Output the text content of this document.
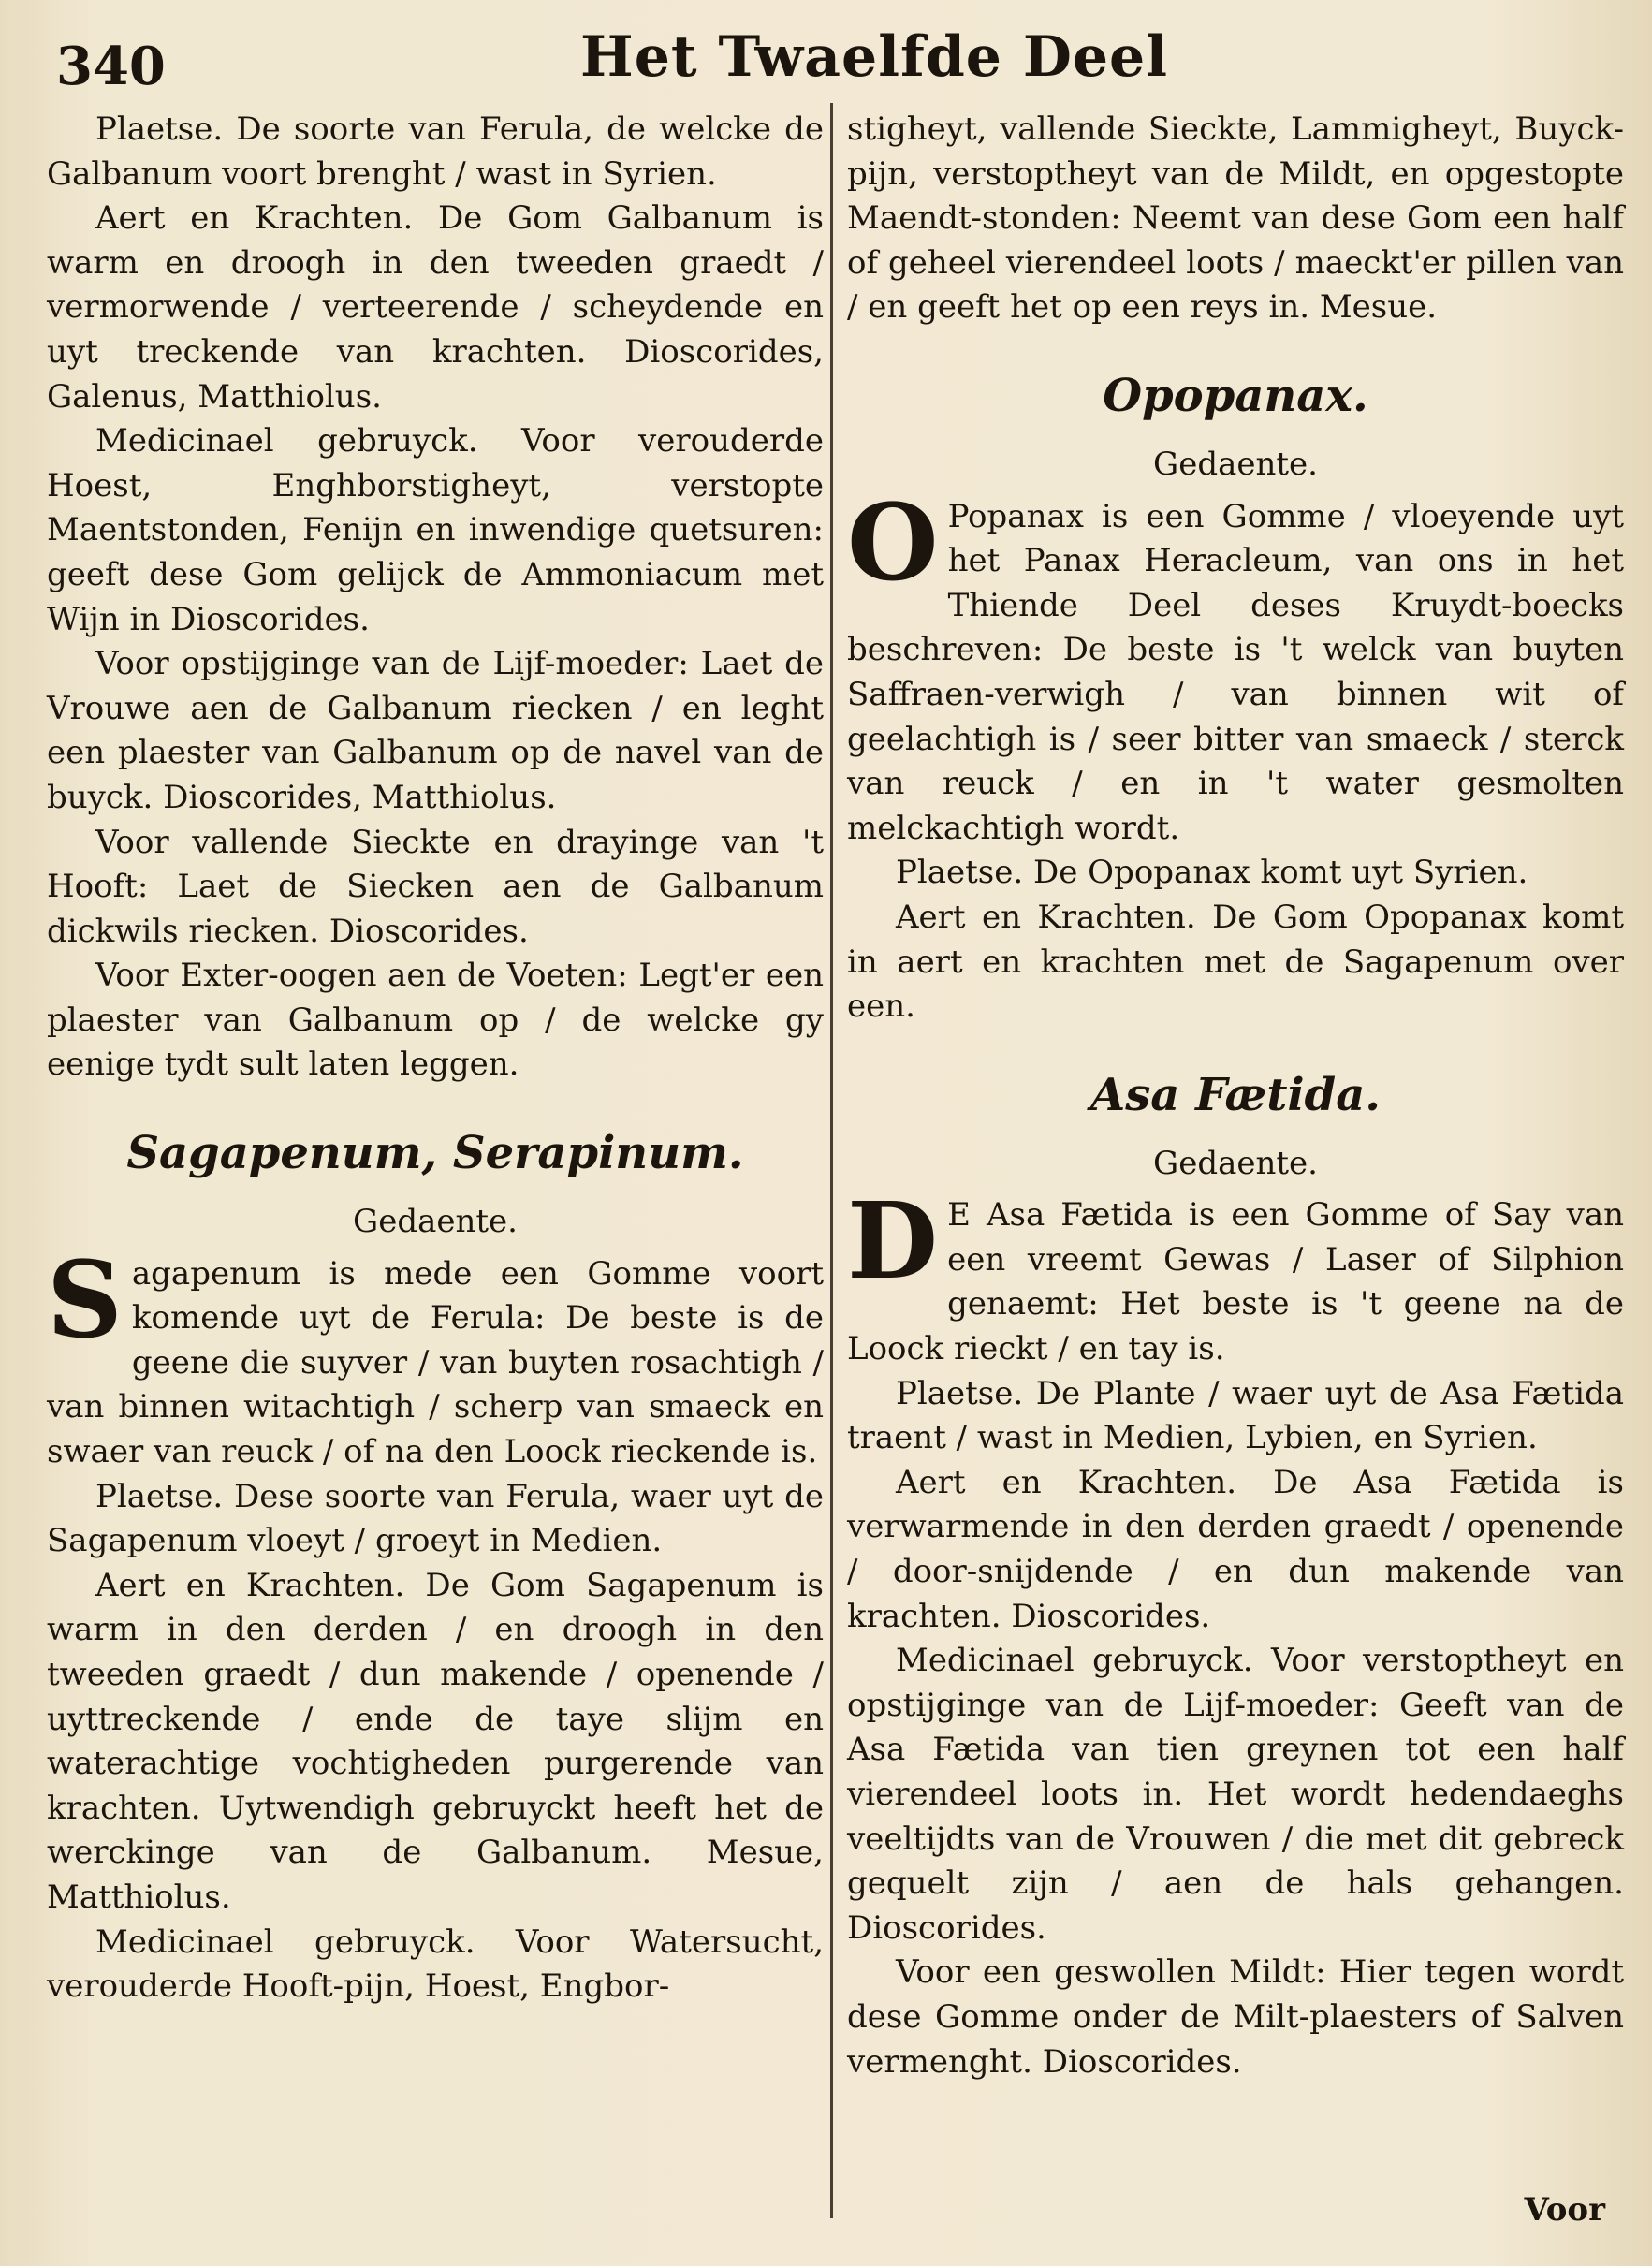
340	Het Twaelfde Deel

Plaetse. De soorte van Ferula, de welcke de Galbanum voort brenght / wast in Syrien.

Aert en Krachten. De Gom Galbanum is warm en droogh in den tweeden graedt / vermorwende / verteerende / scheydende en uyt treckende van krachten. Dioscorides, Galenus, Matthiolus.

Medicinael gebruyck. Voor verouderde Hoest, Enghborstigheyt, verstopte Maentstonden, Fenijn en inwendige quetsuren: geeft dese Gom gelijck de Ammoniacum met Wijn in Dioscorides.

Voor opstijginge van de Lijf-moeder: Laet de Vrouwe aen de Galbanum riecken / en leght een plaester van Galbanum op de navel van de buyck. Dioscorides, Matthiolus.

Voor vallende Sieckte en drayinge van 't Hooft: Laet de Siecken aen de Galbanum dickwils riecken. Dioscorides.

Voor Exter-oogen aen de Voeten: Legt'er een plaester van Galbanum op / de welcke gy eenige tydt sult laten leggen.

Sagapenum, Serapinum.
Gedaente.

Sagapenum is mede een Gomme voort komende uyt de Ferula: De beste is de geene die suyver / van buyten rosachtigh / van binnen witachtigh / scherp van smaeck en swaer van reuck / of na den Loock rieckende is.

Plaetse. Dese soorte van Ferula, waer uyt de Sagapenum vloeyt / groeyt in Medien.

Aert en Krachten. De Gom Sagapenum is warm in den derden / en droogh in den tweeden graedt / dun makende / openende / uyttreckende / ende de taye slijm en waterachtige vochtigheden purgerende van krachten. Uytwendigh gebruyckt heeft het de werckinge van de Galbanum. Mesue, Matthiolus.

Medicinael gebruyck. Voor Watersucht, verouderde Hooft-pijn, Hoest, Engbor-

stigheyt, vallende Sieckte, Lammigheyt, Buyck-pijn, verstoptheyt van de Mildt, en opgestopte Maendt-stonden: Neemt van dese Gom een half of geheel vierendeel loots / maeckt'er pillen van / en geeft het op een reys in. Mesue.

Opopanax.
Gedaente.

O Popanax is een Gomme / vloeyende uyt het Panax Heracleum, van ons in het Thiende Deel deses Kruydt-boecks beschreven: De beste is 't welck van buyten Saffraen-verwigh / van binnen wit of geelachtigh is / seer bitter van smaeck / sterck van reuck / en in 't water gesmolten melckachtigh wordt.

Plaetse. De Opopanax komt uyt Syrien.

Aert en Krachten. De Gom Opopanax komt in aert en krachten met de Sagapenum over een.

Asa Fætida.
Gedaente.

D E Asa Fætida is een Gomme of Say van een vreemt Gewas / Laser of Silphion genaemt: Het beste is 't geene na de Loock rieckt / en tay is.

Plaetse. De Plante / waer uyt de Asa Fætida traent / wast in Medien, Lybien, en Syrien.

Aert en Krachten. De Asa Fætida is verwarmende in den derden graedt / openende / door-snijdende / en dun makende van krachten. Dioscorides.

Medicinael gebruyck. Voor verstoptheyt en opstijginge van de Lijf-moeder: Geeft van de Asa Fætida van tien greynen tot een half vierendeel loots in. Het wordt hedendaeghs veeltijdts van de Vrouwen / die met dit gebreck gequelt zijn / aen de hals gehangen. Dioscorides.

Voor een geswollen Mildt: Hier tegen wordt dese Gomme onder de Milt-plaesters of Salven vermenght. Dioscorides.

Voor
